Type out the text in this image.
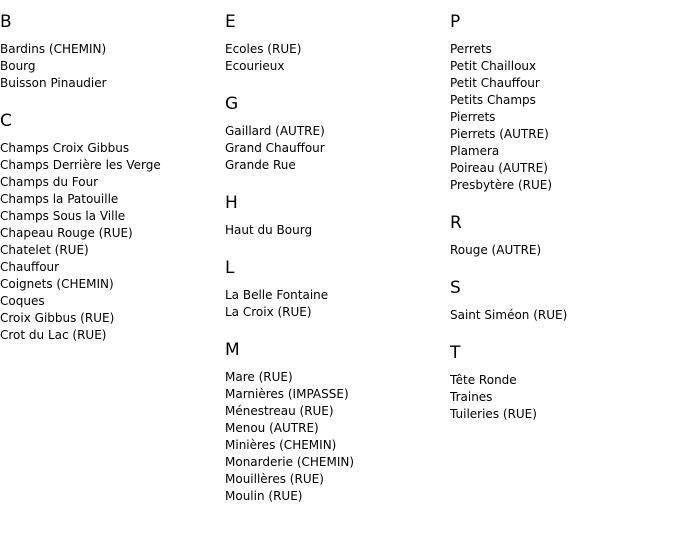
B
Bardins (CHEMIN)
Bourg
Buisson Pinaudier
C
Champs Croix Gibbus
Champs Derrière les Verge
Champs du Four
Champs la Patouille
Champs Sous la Ville
Chapeau Rouge (RUE)
Chatelet (RUE)
Chauffour
Coignets (CHEMIN)
Coques
Croix Gibbus (RUE)
Crot du Lac (RUE)
E
Ecoles (RUE)
Ecourieux
G
Gaillard (AUTRE)
Grand Chauffour
Grande Rue
H
Haut du Bourg
L
La Belle Fontaine
La Croix (RUE)
M
Mare (RUE)
Marnières (IMPASSE)
Ménestreau (RUE)
Menou (AUTRE)
Minières (CHEMIN)
Monarderie (CHEMIN)
Mouillères (RUE)
Moulin (RUE)
P
Perrets
Petit Chailloux
Petit Chauffour
Petits Champs
Pierrets
Pierrets (AUTRE)
Plamera
Poireau (AUTRE)
Presbytère (RUE)
R
Rouge (AUTRE)
S
Saint Siméon (RUE)
T
Tête Ronde
Traines
Tuileries (RUE)
